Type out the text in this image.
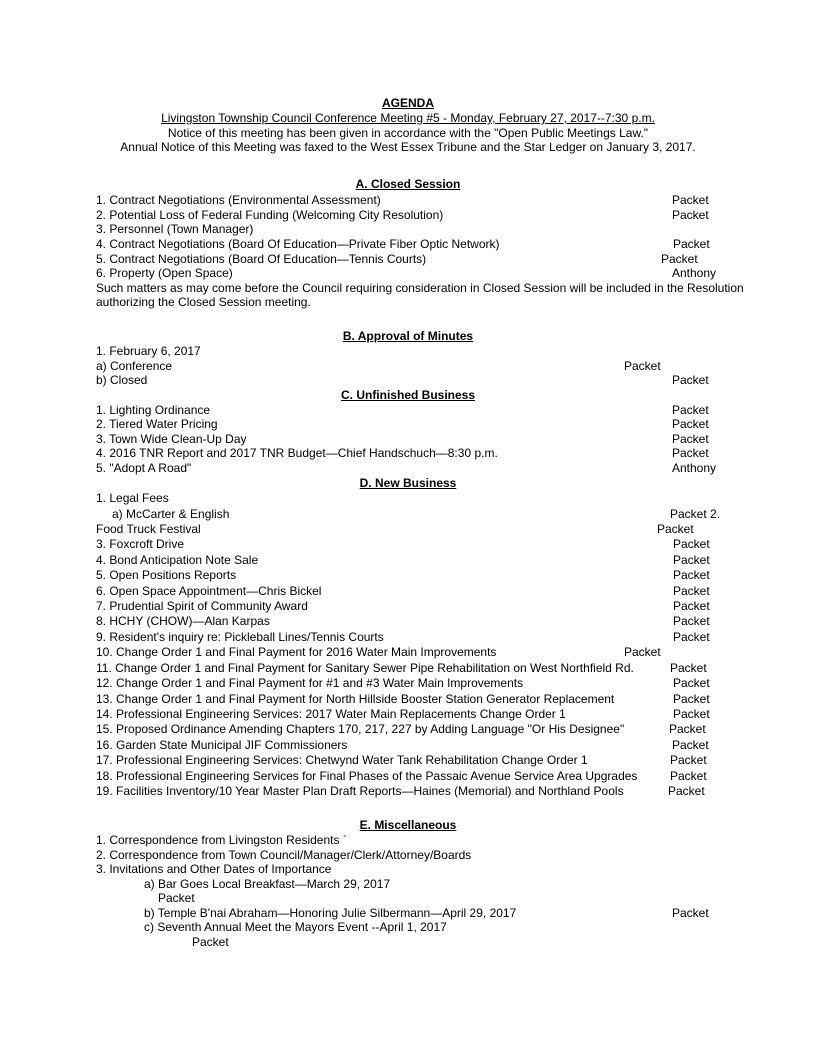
AGENDA
Livingston Township Council Conference Meeting #5 - Monday, February 27, 2017--7:30 p.m.
Notice of this meeting has been given in accordance with the "Open Public Meetings Law."
Annual Notice of this Meeting was faxed to the West Essex Tribune and the Star Ledger on January 3, 2017.
A. Closed Session
1. Contract Negotiations (Environmental Assessment)	Packet
2. Potential Loss of Federal Funding (Welcoming City Resolution)	Packet
3. Personnel (Town Manager)
4. Contract Negotiations (Board Of Education—Private Fiber Optic Network)	Packet
5. Contract Negotiations (Board Of Education—Tennis Courts)	Packet
6. Property (Open Space)	Anthony
Such matters as may come before the Council requiring consideration in Closed Session will be included in the Resolution
authorizing the Closed Session meeting.
B. Approval of Minutes
1. February 6, 2017
a) Conference	Packet
b) Closed	Packet
C. Unfinished Business
1. Lighting Ordinance	Packet
2. Tiered Water Pricing	Packet
3. Town Wide Clean-Up Day	Packet
4. 2016 TNR Report and 2017 TNR Budget—Chief Handschuch—8:30 p.m.	Packet
5. "Adopt A Road"	Anthony
D. New Business
1. Legal Fees
a) McCarter & English	Packet 2.
Food Truck Festival	Packet
3. Foxcroft Drive	Packet
4. Bond Anticipation Note Sale	Packet
5. Open Positions Reports	Packet
6. Open Space Appointment—Chris Bickel	Packet
7. Prudential Spirit of Community Award	Packet
8. HCHY (CHOW)—Alan Karpas	Packet
9. Resident's inquiry re: Pickleball Lines/Tennis Courts	Packet
10. Change Order 1 and Final Payment for 2016 Water Main Improvements	Packet
11. Change Order 1 and Final Payment for Sanitary Sewer Pipe Rehabilitation on West Northfield Rd.	Packet
12. Change Order 1 and Final Payment for #1 and #3 Water Main Improvements	Packet
13. Change Order 1 and Final Payment for North Hillside Booster Station Generator Replacement	Packet
14. Professional Engineering Services: 2017 Water Main Replacements Change Order 1	Packet
15. Proposed Ordinance Amending Chapters 170, 217, 227 by Adding Language "Or His Designee"	Packet
16. Garden State Municipal JIF Commissioners	Packet
17. Professional Engineering Services: Chetwynd Water Tank Rehabilitation Change Order 1	Packet
18. Professional Engineering Services for Final Phases of the Passaic Avenue Service Area Upgrades	Packet
19. Facilities Inventory/10 Year Master Plan Draft Reports—Haines (Memorial) and Northland Pools	Packet
E. Miscellaneous
1. Correspondence from Livingston Residents `
2. Correspondence from Town Council/Manager/Clerk/Attorney/Boards
3. Invitations and Other Dates of Importance
a) Bar Goes Local Breakfast—March 29, 2017
Packet
b) Temple B'nai Abraham—Honoring Julie Silbermann—April 29, 2017	Packet
c) Seventh Annual Meet the Mayors Event --April 1, 2017
Packet
